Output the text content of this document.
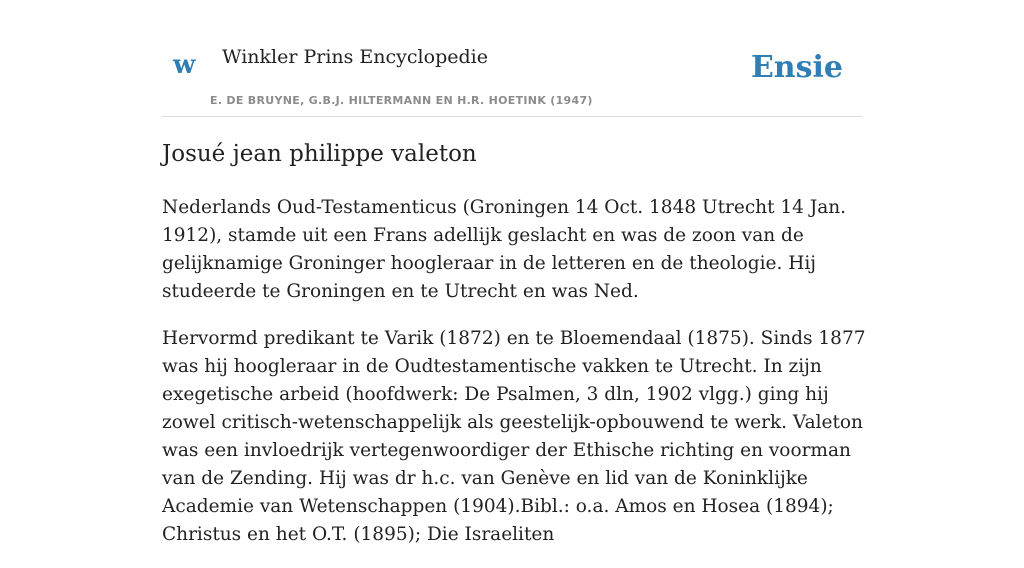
w Winkler Prins Encyclopedie
E. DE BRUYNE, G.B.J. HILTERMANN EN H.R. HOETINK (1947)
Ensie
Josué jean philippe valeton

Nederlands Oud-Testamenticus (Groningen 14 Oct. 1848 Utrecht 14 Jan. 1912), stamde uit een Frans adellijk geslacht en was de zoon van de gelijknamige Groninger hoogleraar in de letteren en de theologie. Hij studeerde te Groningen en te Utrecht en was Ned.

Hervormd predikant te Varik (1872) en te Bloemendaal (1875). Sinds 1877 was hij hoogleraar in de Oudtestamentische vakken te Utrecht. In zijn exegetische arbeid (hoofdwerk: De Psalmen, 3 dln, 1902 vlgg.) ging hij zowel critisch-wetenschappelijk als geestelijk-opbouwend te werk. Valeton was een invloedrijk vertegenwoordiger der Ethische richting en voorman van de Zending. Hij was dr h.c. van Genève en lid van de Koninklijke Academie van Wetenschappen (1904).Bibl.: o.a. Amos en Hosea (1894); Christus en het O.T. (1895); Die Israeliten
